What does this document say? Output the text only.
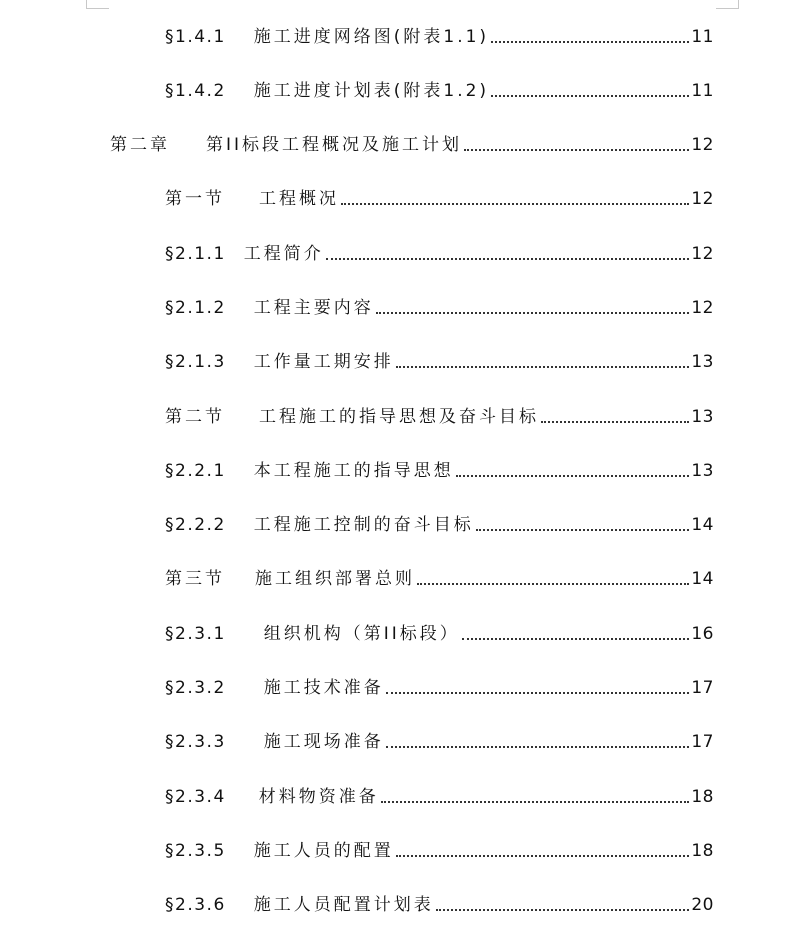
§1.4.1 施工进度网络图(附表1.1)	11
§1.4.2 施工进度计划表(附表1.2)	11
第二章 第II标段工程概况及施工计划	12
第一节 工程概况	12
§2.1.1 工程简介	12
§2.1.2 工程主要内容	12
§2.1.3 工作量工期安排	13
第二节 工程施工的指导思想及奋斗目标	13
§2.2.1 本工程施工的指导思想	13
§2.2.2 工程施工控制的奋斗目标	14
第三节 施工组织部署总则	14
§2.3.1 组织机构（第II标段）	16
§2.3.2 施工技术准备	17
§2.3.3 施工现场准备	17
§2.3.4 材料物资准备	18
§2.3.5 施工人员的配置	18
§2.3.6 施工人员配置计划表	20
